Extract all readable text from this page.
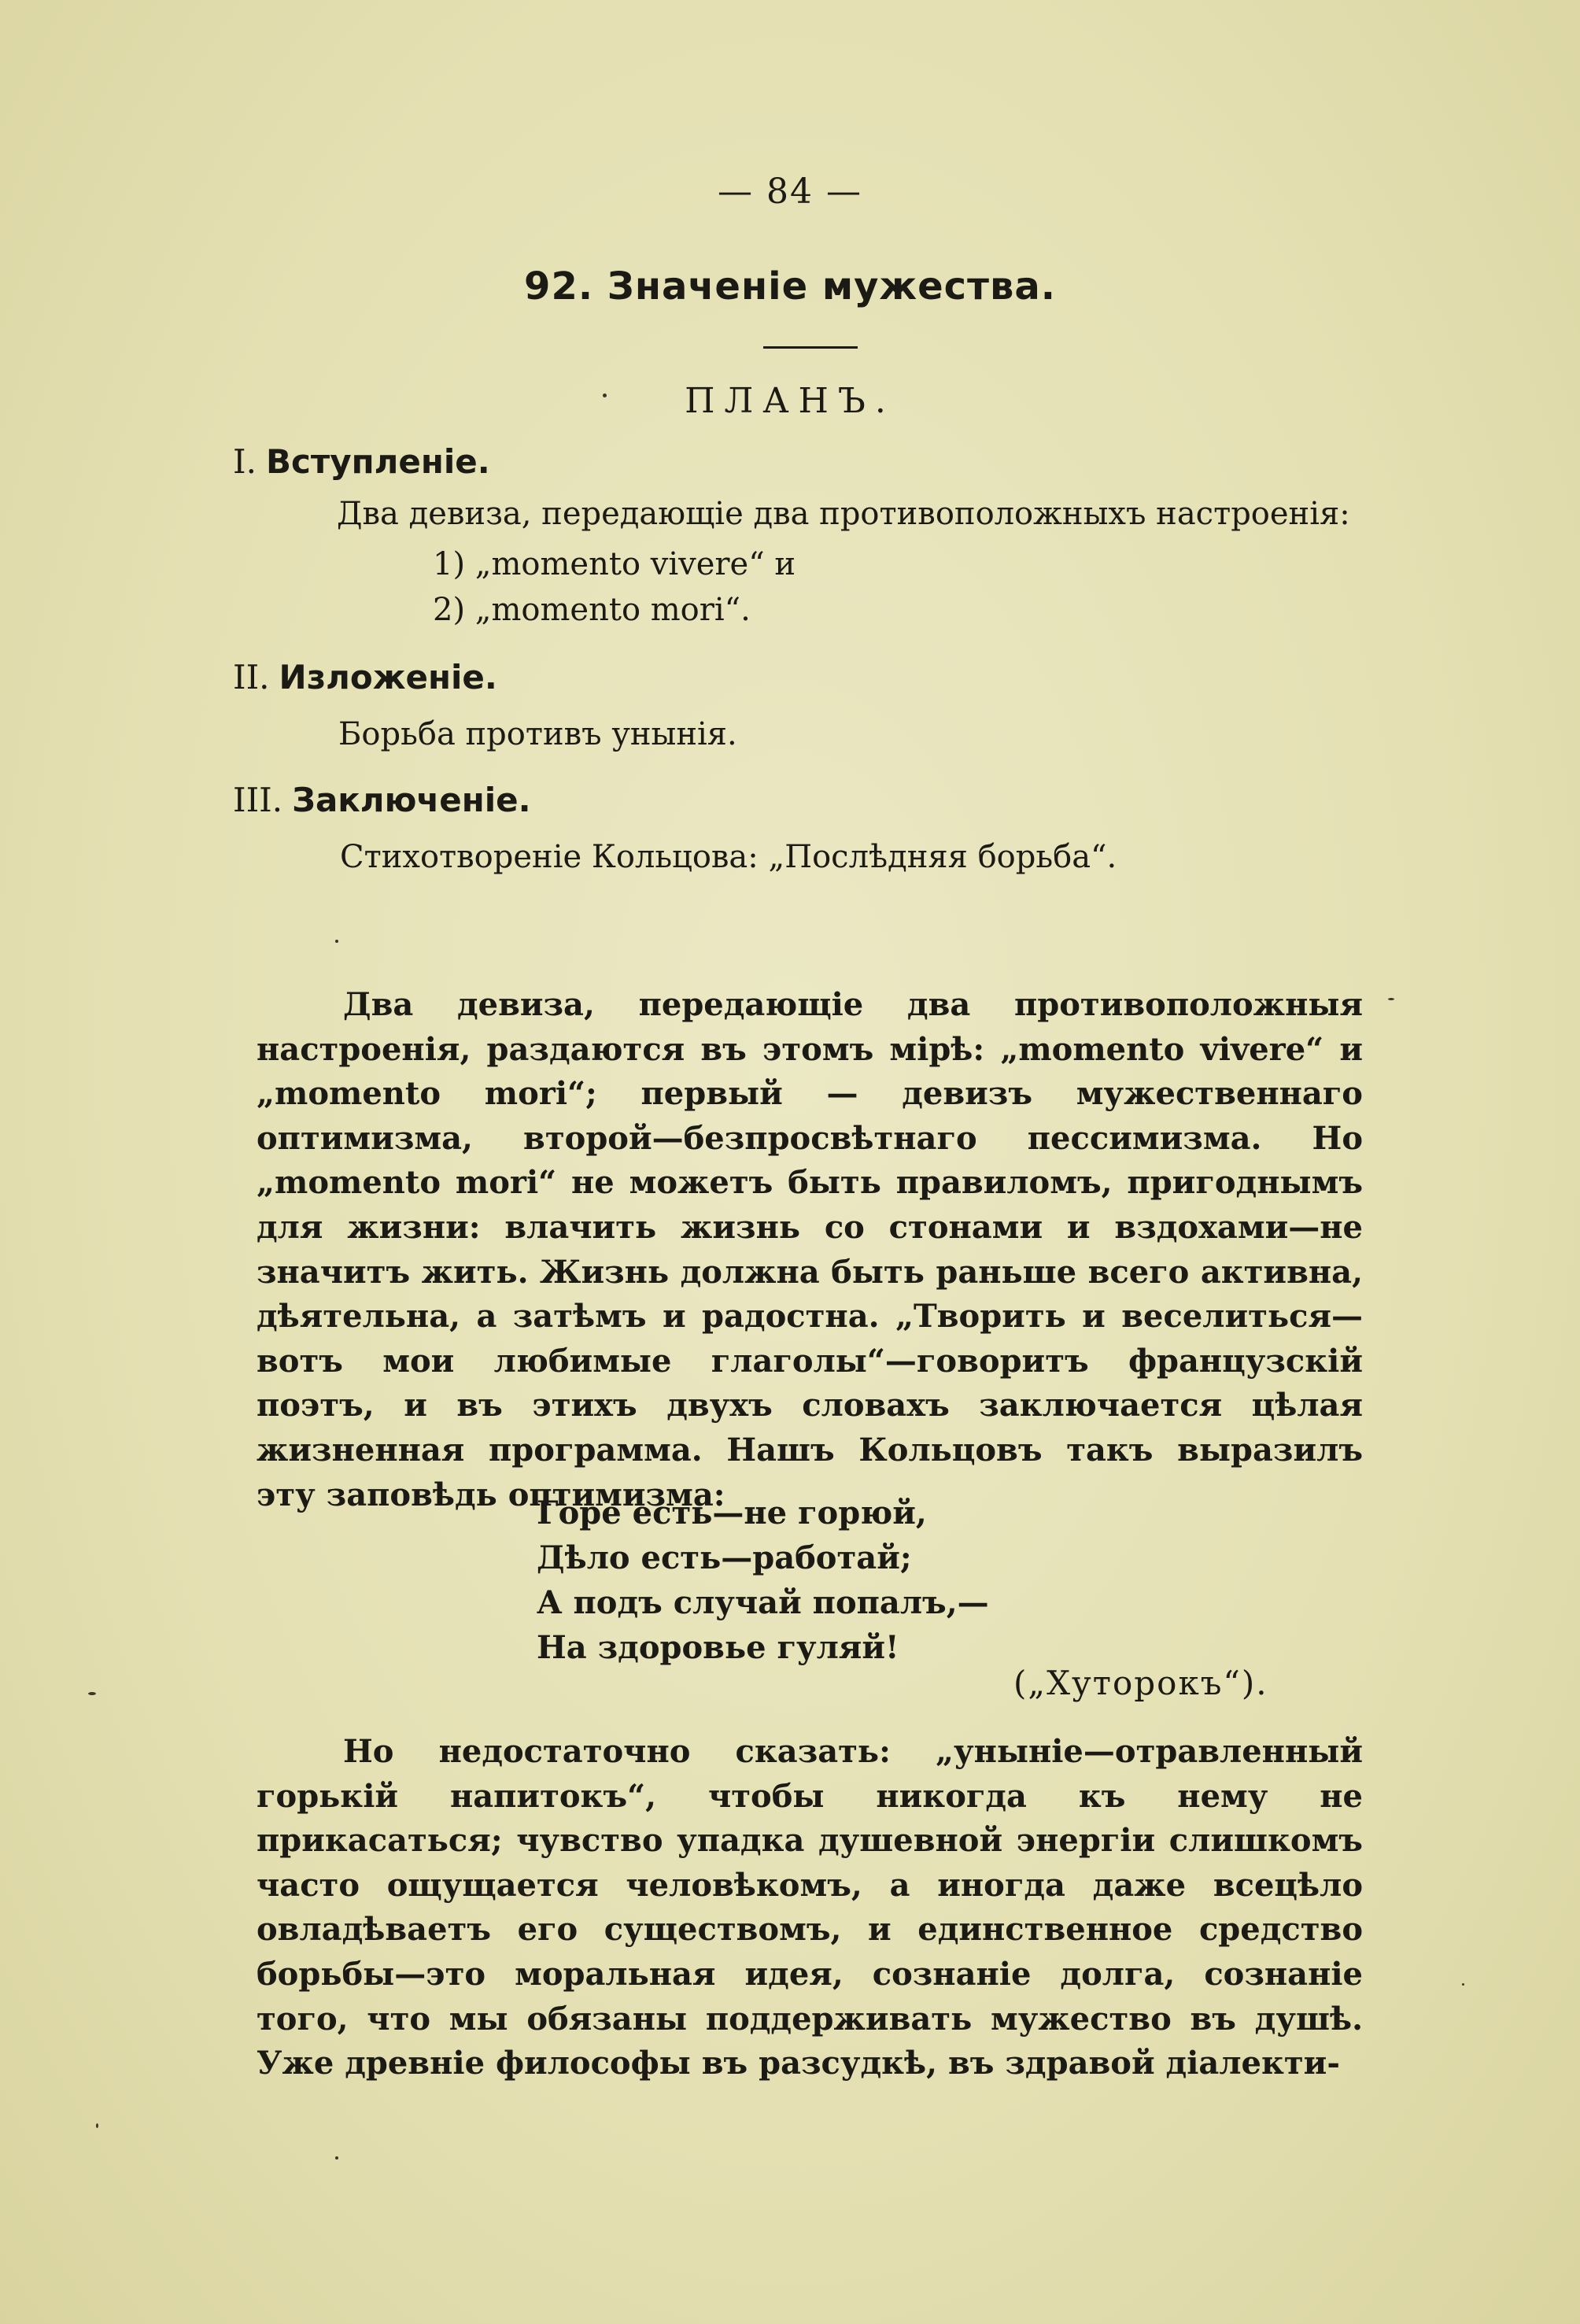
— 84 —
92. Значеніе мужества.
ПЛАНЪ.
I. Вступленіе.
Два девиза, передающіе два противоположныхъ настроенія:
1) „momento vivere“ и
2) „momento mori“.
II. Изложеніе.
Борьба противъ унынія.
III. Заключеніе.
Стихотвореніе Кольцова: „Послѣдняя борьба“.

Два девиза, передающіе два противоположныя настроенія, раздаются въ этомъ мірѣ: „momento vivere“ и „momento mori“; первый — девизъ мужественнаго оптимизма, второй—безпросвѣтнаго пессимизма. Но „momento mori“ не можетъ быть правиломъ, пригоднымъ для жизни: влачить жизнь со стонами и вздохами—не значитъ жить. Жизнь должна быть раньше всего активна, дѣятельна, а затѣмъ и радостна. „Творить и веселиться—вотъ мои любимые глаголы“—говоритъ французскій поэтъ, и въ этихъ двухъ словахъ заключается цѣлая жизненная программа. Нашъ Кольцовъ такъ выразилъ эту заповѣдь оптимизма:

Горе есть—не горюй,
Дѣло есть—работай;
А подъ случай попалъ,—
На здоровье гуляй!
(„Хуторокъ“).

Но недостаточно сказать: „уныніе—отравленный горькій напитокъ“, чтобы никогда къ нему не прикасаться; чувство упадка душевной энергіи слишкомъ часто ощущается человѣкомъ, а иногда даже всецѣло овладѣваетъ его существомъ, и единственное средство борьбы—это моральная идея, сознаніе долга, сознаніе того, что мы обязаны поддерживать мужество въ душѣ. Уже древніе философы въ разсудкѣ, въ здравой діалекти-
